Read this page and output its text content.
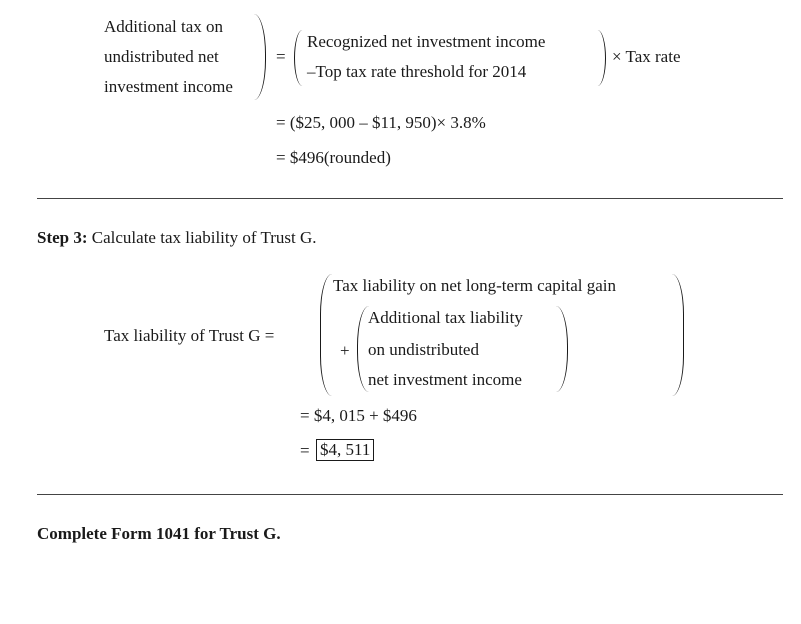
Additional tax on
undistributed net
investment income
=
Recognized net investment income
–Top tax rate threshold for 2014
× Tax rate
= ($25, 000 – $11, 950)× 3.8%
= $496(rounded)
Step 3: Calculate tax liability of Trust G.
Tax liability of Trust G =
Tax liability on net long-term capital gain
+
Additional tax liability
on undistributed
net investment income
= $4, 015 + $496
= $4, 511
Complete Form 1041 for Trust G.
